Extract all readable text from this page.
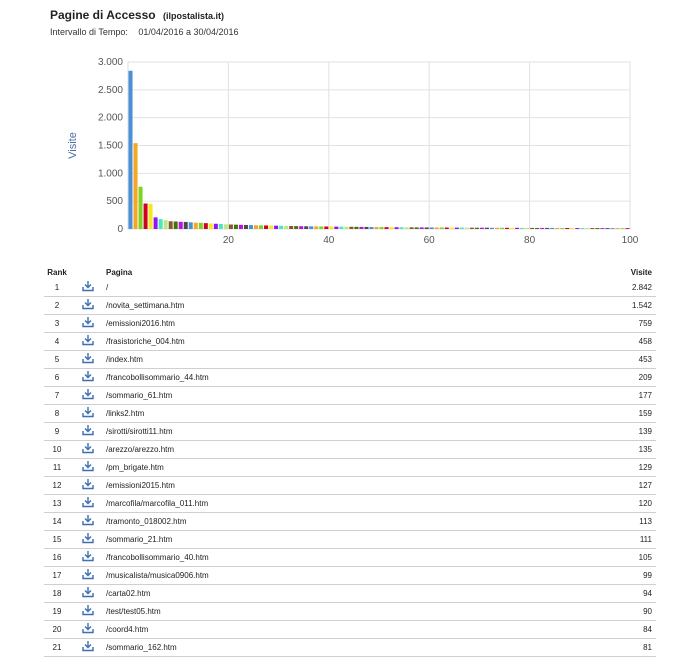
Pagine di Accesso (ilpostalista.it)
Intervallo di Tempo: 01/04/2016 a 30/04/2016
0
500
1.000
1.500
2.000
2.500
3.000
20	40	60	80	100
Visite
Rank		Pagina	Visite
1		/	2.842
2		/novita_settimana.htm	1.542
3		/emissioni2016.htm	759
4		/frasistoriche_004.htm	458
5		/index.htm	453
6		/francobollisommario_44.htm	209
7		/sommario_61.htm	177
8		/links2.htm	159
9		/sirotti/sirotti11.htm	139
10		/arezzo/arezzo.htm	135
11		/pm_brigate.htm	129
12		/emissioni2015.htm	127
13		/marcofila/marcofila_011.htm	120
14		/tramonto_018002.htm	113
15		/sommario_21.htm	111
16		/francobollisommario_40.htm	105
17		/musicalista/musica0906.htm	99
18		/carta02.htm	94
19		/test/test05.htm	90
20		/coord4.htm	84
21		/sommario_162.htm	81
